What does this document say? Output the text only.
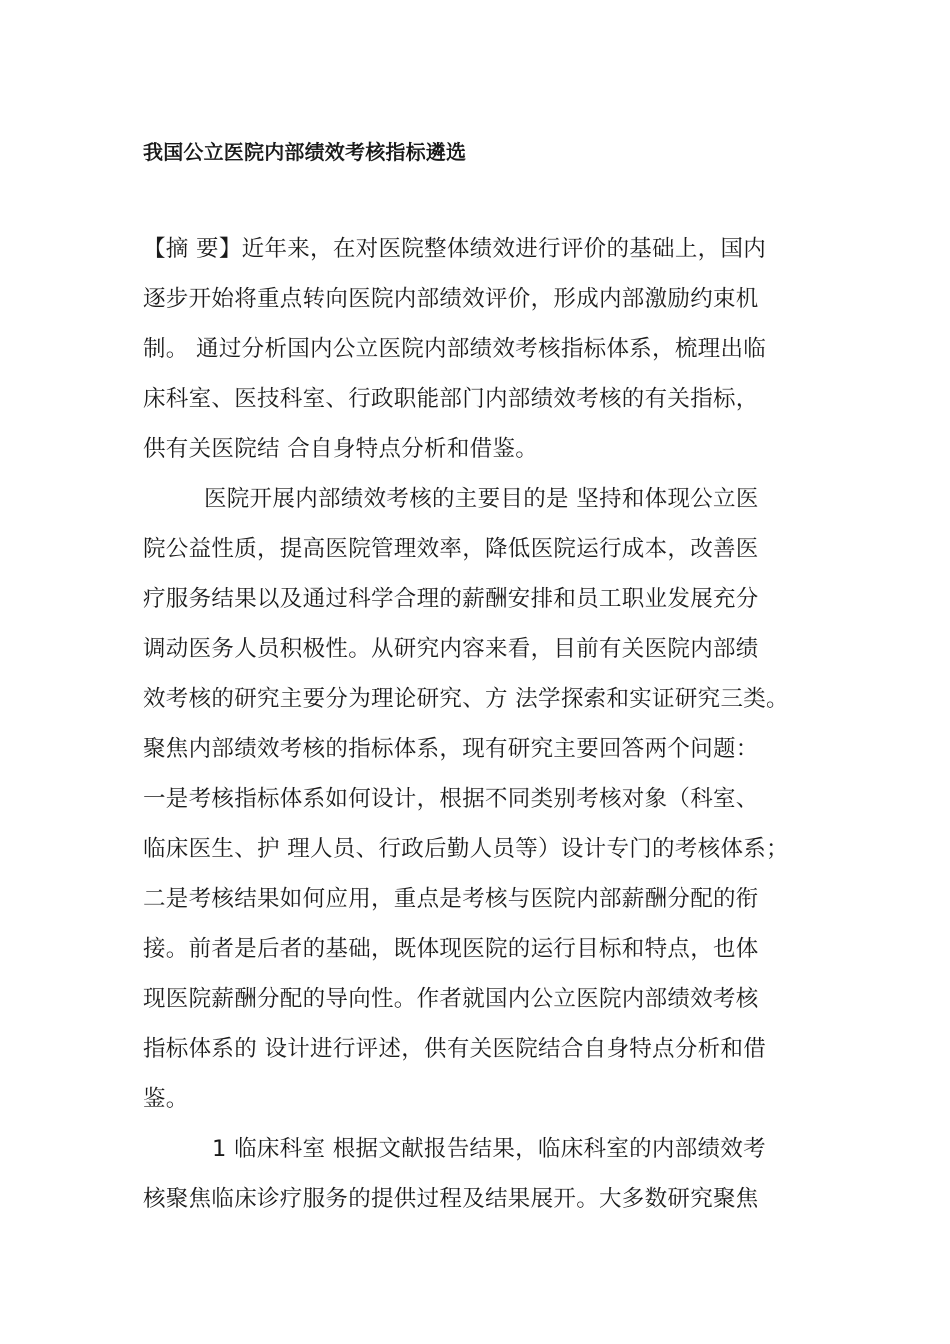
我国公立医院内部绩效考核指标遴选
【摘 要】近年来，在对医院整体绩效进行评价的基础上，国内
逐步开始将重点转向医院内部绩效评价，形成内部激励约束机
制。 通过分析国内公立医院内部绩效考核指标体系，梳理出临
床科室、医技科室、行政职能部门内部绩效考核的有关指标，
供有关医院结 合自身特点分析和借鉴。
医院开展内部绩效考核的主要目的是 坚持和体现公立医
院公益性质，提高医院管理效率，降低医院运行成本，改善医
疗服务结果以及通过科学合理的薪酬安排和员工职业发展充分
调动医务人员积极性。从研究内容来看，目前有关医院内部绩
效考核的研究主要分为理论研究、方 法学探索和实证研究三类。
聚焦内部绩效考核的指标体系，现有研究主要回答两个问题：
一是考核指标体系如何设计，根据不同类别考核对象（科室、
临床医生、护 理人员、行政后勤人员等）设计专门的考核体系；
二是考核结果如何应用，重点是考核与医院内部薪酬分配的衔
接。前者是后者的基础，既体现医院的运行目标和特点，也体
现医院薪酬分配的导向性。作者就国内公立医院内部绩效考核
指标体系的 设计进行评述，供有关医院结合自身特点分析和借
鉴。
1 临床科室 根据文献报告结果，临床科室的内部绩效考
核聚焦临床诊疗服务的提供过程及结果展开。大多数研究聚焦
